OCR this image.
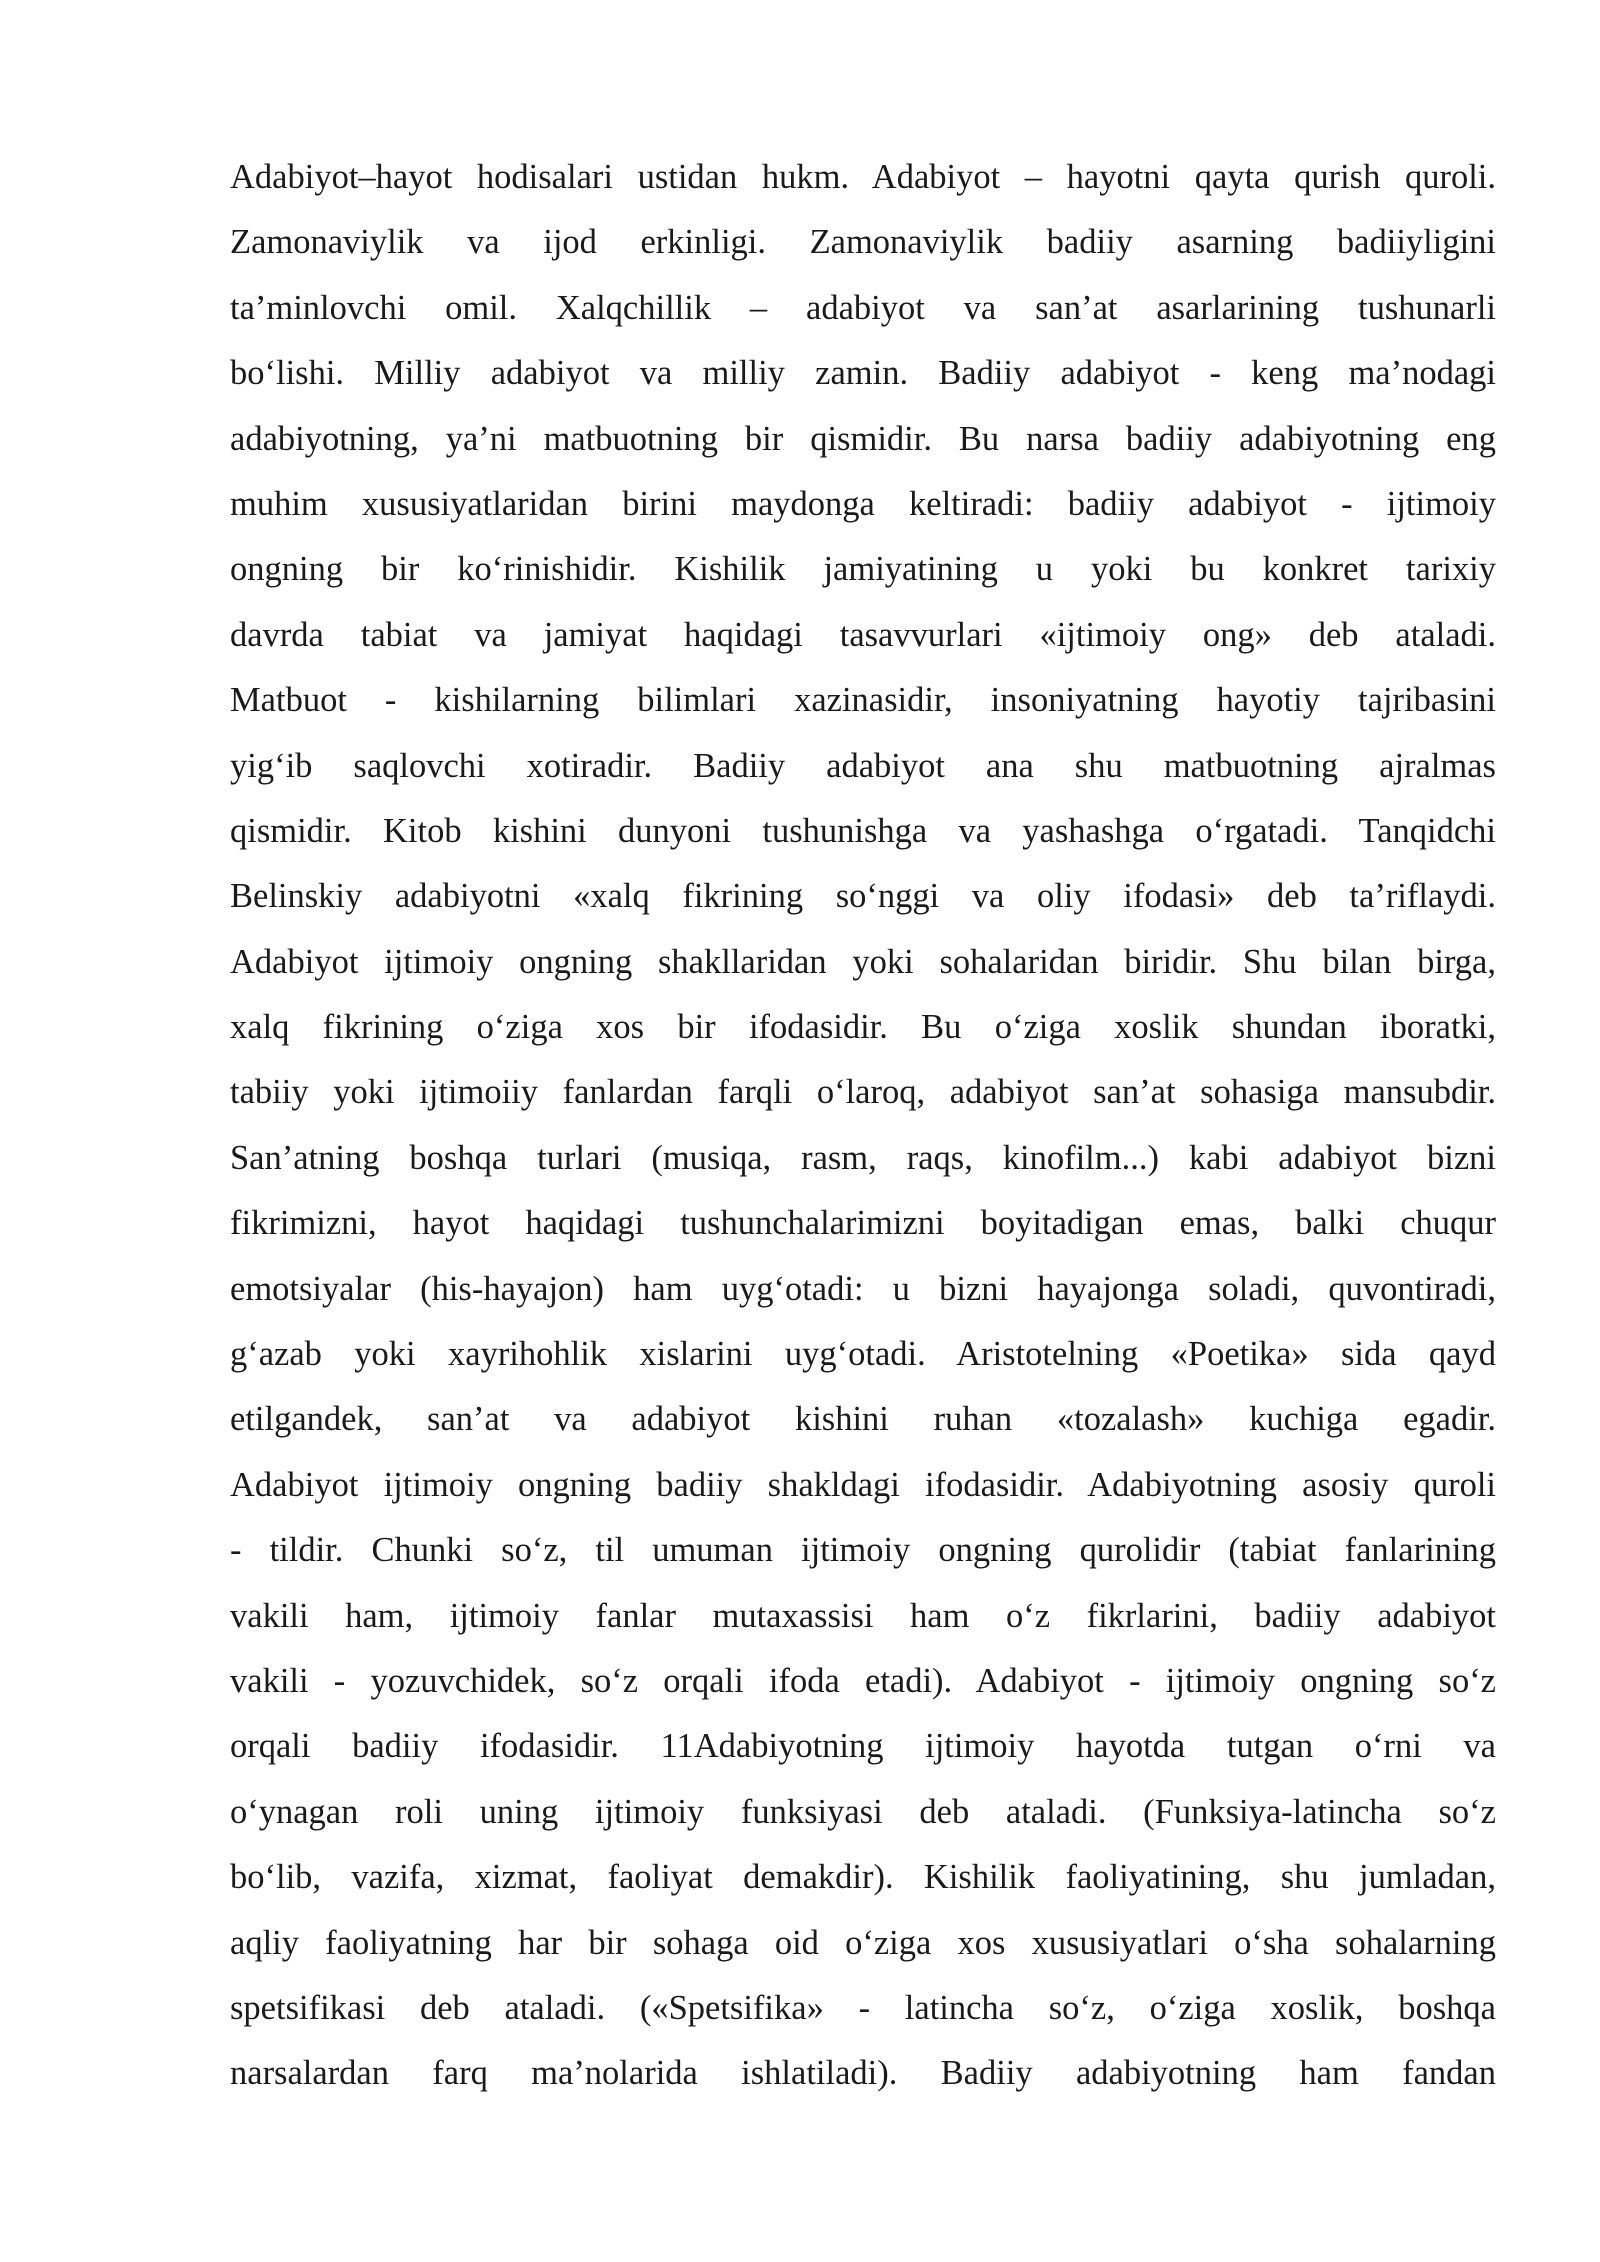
Adabiyot–hayot hodisalari ustidan hukm. Adabiyot – hayotni qayta qurish quroli.
Zamonaviylik va ijod erkinligi. Zamonaviylik badiiy asarning badiiyligini
ta’minlovchi omil. Xalqchillik – adabiyot va san’at asarlarining tushunarli
bo‘lishi. Milliy adabiyot va milliy zamin. Badiiy adabiyot - keng ma’nodagi
adabiyotning, ya’ni matbuotning bir qismidir. Bu narsa badiiy adabiyotning eng
muhim xususiyatlaridan birini maydonga keltiradi: badiiy adabiyot - ijtimoiy
ongning bir ko‘rinishidir. Kishilik jamiyatining u yoki bu konkret tarixiy
davrda tabiat va jamiyat haqidagi tasavvurlari «ijtimoiy ong» deb ataladi.
Matbuot - kishilarning bilimlari xazinasidir, insoniyatning hayotiy tajribasini
yig‘ib saqlovchi xotiradir. Badiiy adabiyot ana shu matbuotning ajralmas
qismidir. Kitob kishini dunyoni tushunishga va yashashga o‘rgatadi. Tanqidchi
Belinskiy adabiyotni «xalq fikrining so‘nggi va oliy ifodasi» deb ta’riflaydi.
Adabiyot ijtimoiy ongning shakllaridan yoki sohalaridan biridir. Shu bilan birga,
xalq fikrining o‘ziga xos bir ifodasidir. Bu o‘ziga xoslik shundan iboratki,
tabiiy yoki ijtimoiiy fanlardan farqli o‘laroq, adabiyot san’at sohasiga mansubdir.
San’atning boshqa turlari (musiqa, rasm, raqs, kinofilm...) kabi adabiyot bizni
fikrimizni, hayot haqidagi tushunchalarimizni boyitadigan emas, balki chuqur
emotsiyalar (his-hayajon) ham uyg‘otadi: u bizni hayajonga soladi, quvontiradi,
g‘azab yoki xayrihohlik xislarini uyg‘otadi. Aristotelning «Poetika» sida qayd
etilgandek, san’at va adabiyot kishini ruhan «tozalash» kuchiga egadir.
Adabiyot ijtimoiy ongning badiiy shakldagi ifodasidir. Adabiyotning asosiy quroli
- tildir. Chunki so‘z, til umuman ijtimoiy ongning qurolidir (tabiat fanlarining
vakili ham, ijtimoiy fanlar mutaxassisi ham o‘z fikrlarini, badiiy adabiyot
vakili - yozuvchidek, so‘z orqali ifoda etadi). Adabiyot - ijtimoiy ongning so‘z
orqali badiiy ifodasidir. 11Adabiyotning ijtimoiy hayotda tutgan o‘rni va
o‘ynagan roli uning ijtimoiy funksiyasi deb ataladi. (Funksiya-latincha so‘z
bo‘lib, vazifa, xizmat, faoliyat demakdir). Kishilik faoliyatining, shu jumladan,
aqliy faoliyatning har bir sohaga oid o‘ziga xos xususiyatlari o‘sha sohalarning
spetsifikasi deb ataladi. («Spetsifika» - latincha so‘z, o‘ziga xoslik, boshqa
narsalardan farq ma’nolarida ishlatiladi). Badiiy adabiyotning ham fandan
